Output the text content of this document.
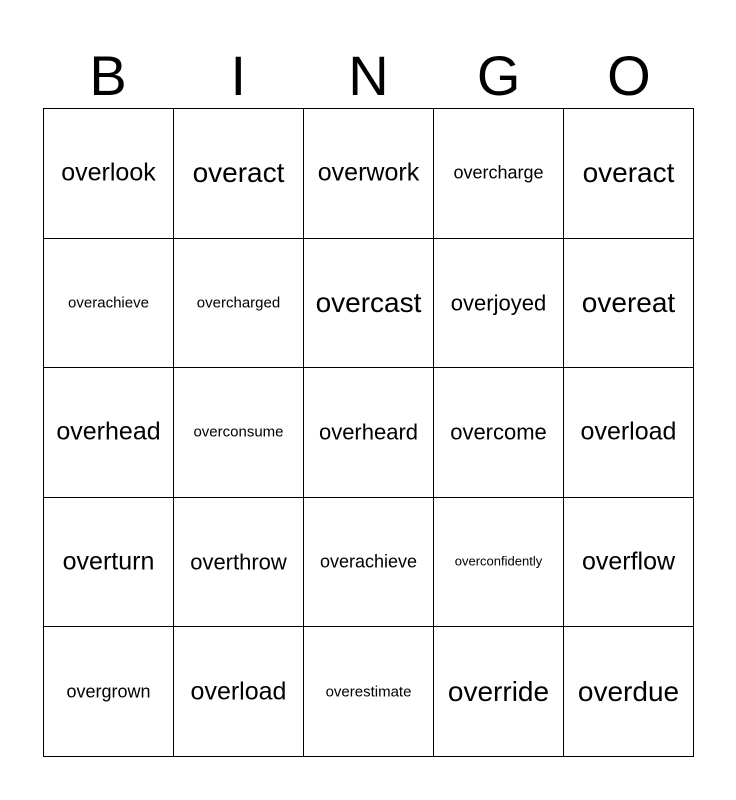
B	I	N	G	O
overlook	overact	overwork	overcharge	overact
overachieve	overcharged	overcast	overjoyed	overeat
overhead	overconsume	overheard	overcome	overload
overturn	overthrow	overachieve	overconfidently	overflow
overgrown	overload	overestimate	override	overdue
